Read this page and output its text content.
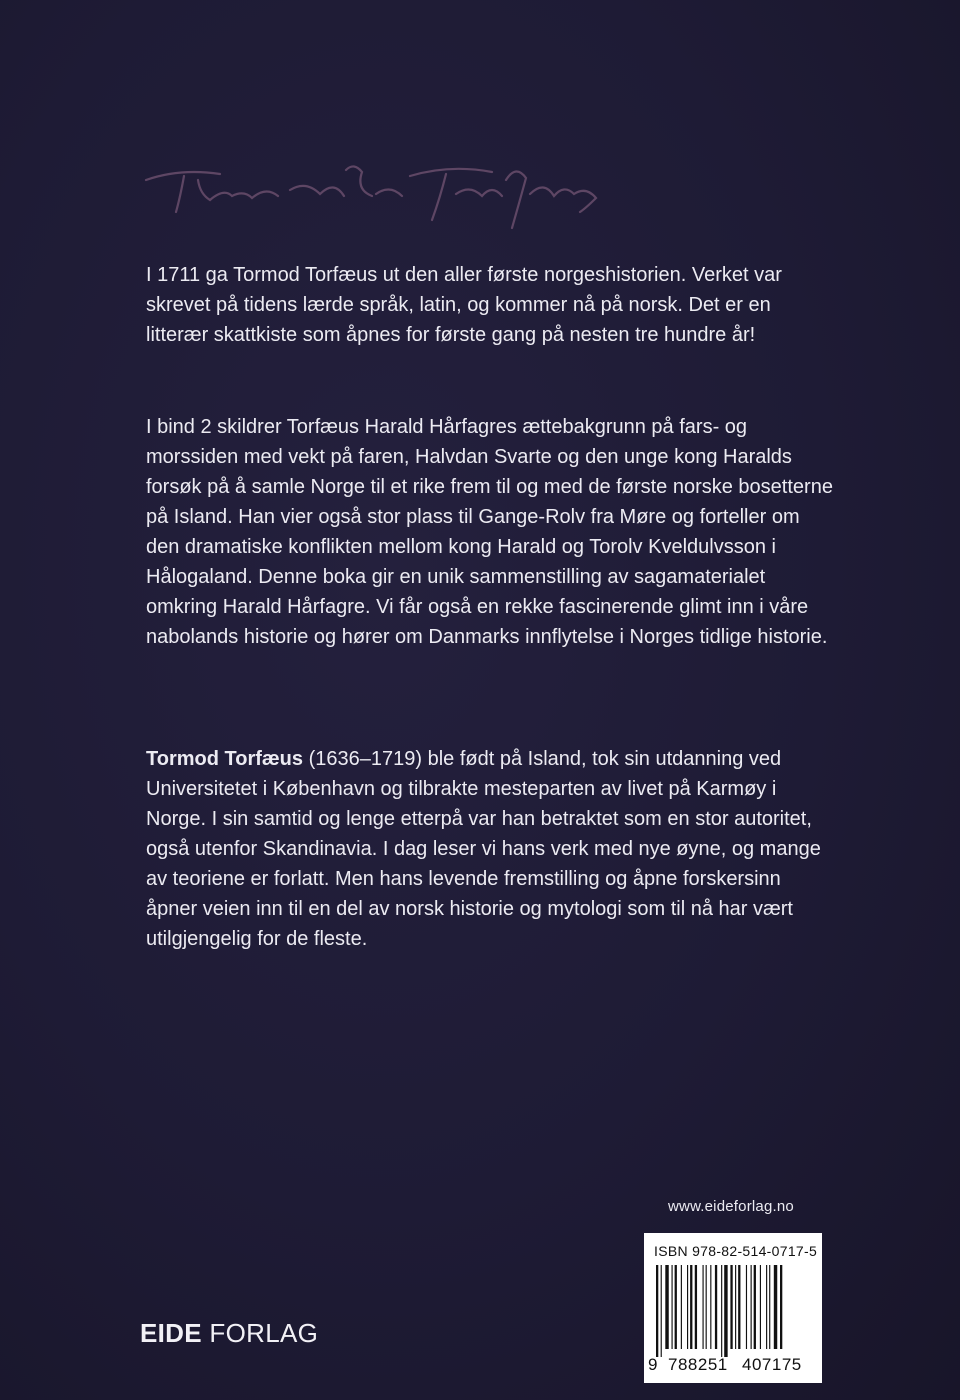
I 1711 ga Tormod Torfæus ut den aller første norgeshistorien. Verket var skrevet på tidens lærde språk, latin, og kommer nå på norsk. Det er en litterær skattkiste som åpnes for første gang på nesten tre hundre år!

I bind 2 skildrer Torfæus Harald Hårfagres ættebakgrunn på fars- og morssiden med vekt på faren, Halvdan Svarte og den unge kong Haralds forsøk på å samle Norge til et rike frem til og med de første norske bosetterne på Island. Han vier også stor plass til Gange-Rolv fra Møre og forteller om den dramatiske konflikten mellom kong Harald og Torolv Kveldulvsson i Hålogaland. Denne boka gir en unik sammenstilling av sagamaterialet omkring Harald Hårfagre. Vi får også en rekke fascinerende glimt inn i våre nabolands historie og hører om Danmarks innflytelse i Norges tidlige historie.

Tormod Torfæus (1636–1719) ble født på Island, tok sin utdanning ved Universitetet i København og tilbrakte mesteparten av livet på Karmøy i Norge. I sin samtid og lenge etterpå var han betraktet som en stor autoritet, også utenfor Skandinavia. I dag leser vi hans verk med nye øyne, og mange av teoriene er forlatt. Men hans levende fremstilling og åpne forskersinn åpner veien inn til en del av norsk historie og mytologi som til nå har vært utilgjengelig for de fleste.

www.eideforlag.no
ISBN 978-82-514-0717-5
9 788251 407175
EIDE FORLAG
